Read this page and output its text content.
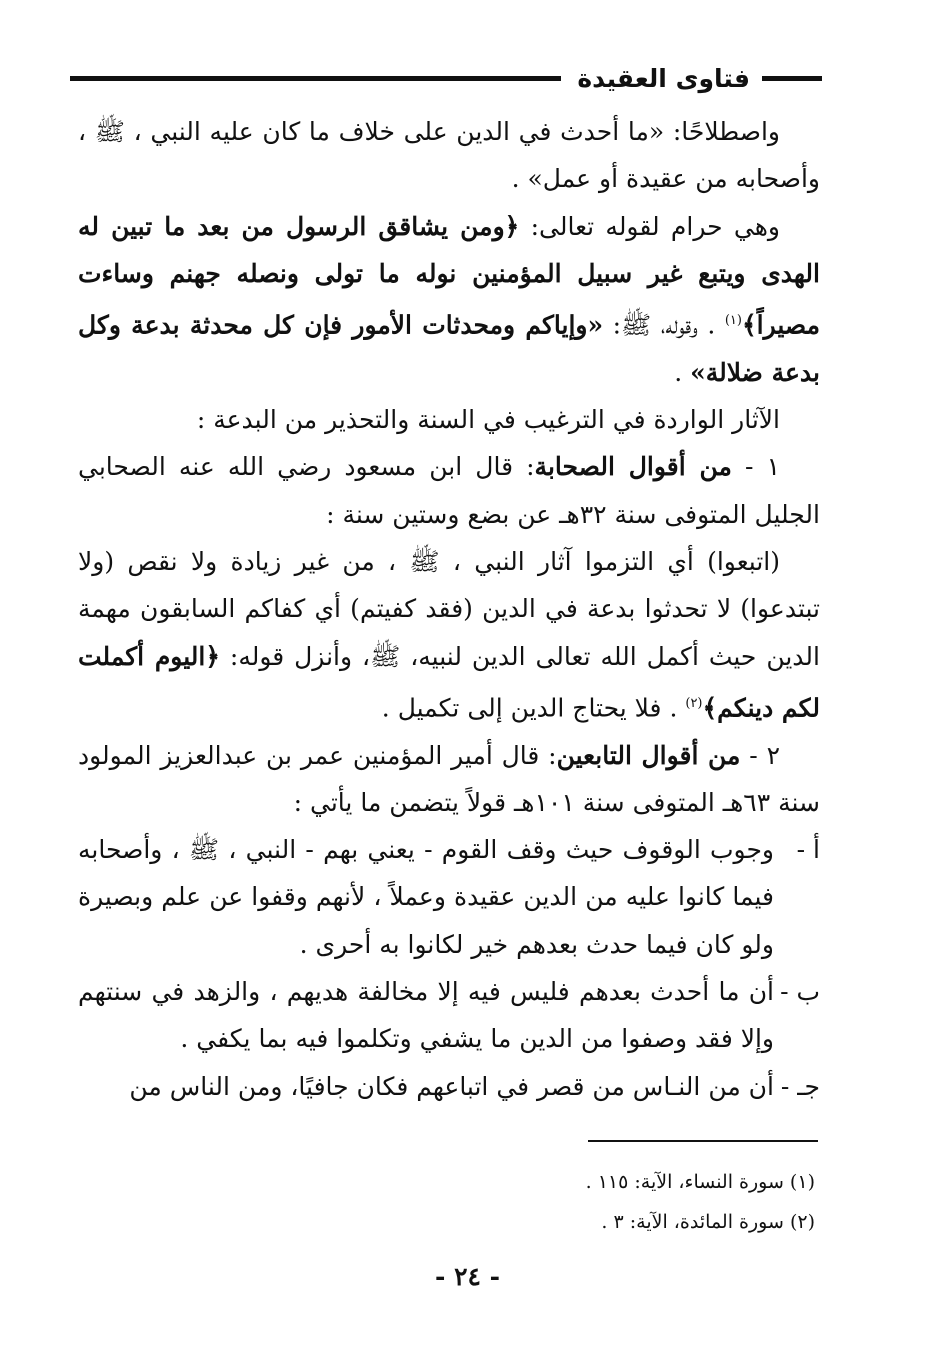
فتاوى العقيدة

واصطلاحًا: «ما أحدث في الدين على خلاف ما كان عليه النبي ، ﷺ ، وأصحابه من عقيدة أو عمل» .

وهي حرام لقوله تعالى: ﴿ومن يشاقق الرسول من بعد ما تبين له الهدى ويتبع غير سبيل المؤمنين نوله ما تولى ونصله جهنم وساءت مصيراً﴾$^{(١)}$ . وقوله، ﷺ: «وإياكم ومحدثات الأمور فإن كل محدثة بدعة وكل بدعة ضلالة» .

الآثار الواردة في الترغيب في السنة والتحذير من البدعة :

١ - من أقوال الصحابة: قال ابن مسعود رضي الله عنه الصحابي الجليل المتوفى سنة ٣٢هـ عن بضع وستين سنة :

(اتبعوا) أي التزموا آثار النبي ، ﷺ ، من غير زيادة ولا نقص (ولا تبتدعوا) لا تحدثوا بدعة في الدين (فقد كفيتم) أي كفاكم السابقون مهمة الدين حيث أكمل الله تعالى الدين لنبيه، ﷺ، وأنزل قوله: ﴿اليوم أكملت لكم دينكم﴾$^{(٢)}$ . فلا يحتاج الدين إلى تكميل .

٢ - من أقوال التابعين: قال أمير المؤمنين عمر بن عبدالعزيز المولود سنة ٦٣هـ المتوفى سنة ١٠١هـ قولاً يتضمن ما يأتي :

أ -
وجوب الوقوف حيث وقف القوم - يعني بهم - النبي ، ﷺ ، وأصحابه فيما كانوا عليه من الدين عقيدة وعملاً ، لأنهم وقفوا عن علم وبصيرة ولو كان فيما حدث بعدهم خير لكانوا به أحرى .
ب -
أن ما أحدث بعدهم فليس فيه إلا مخالفة هديهم ، والزهد في سنتهم وإلا فقد وصفوا من الدين ما يشفي وتكلموا فيه بما يكفي .
جـ -
أن من النـاس من قصر في اتباعهم فكان جافيًا، ومن الناس من

(١) سورة النساء، الآية: ١١٥ .

(٢) سورة المائدة، الآية: ٣ .

- ٢٤ -
